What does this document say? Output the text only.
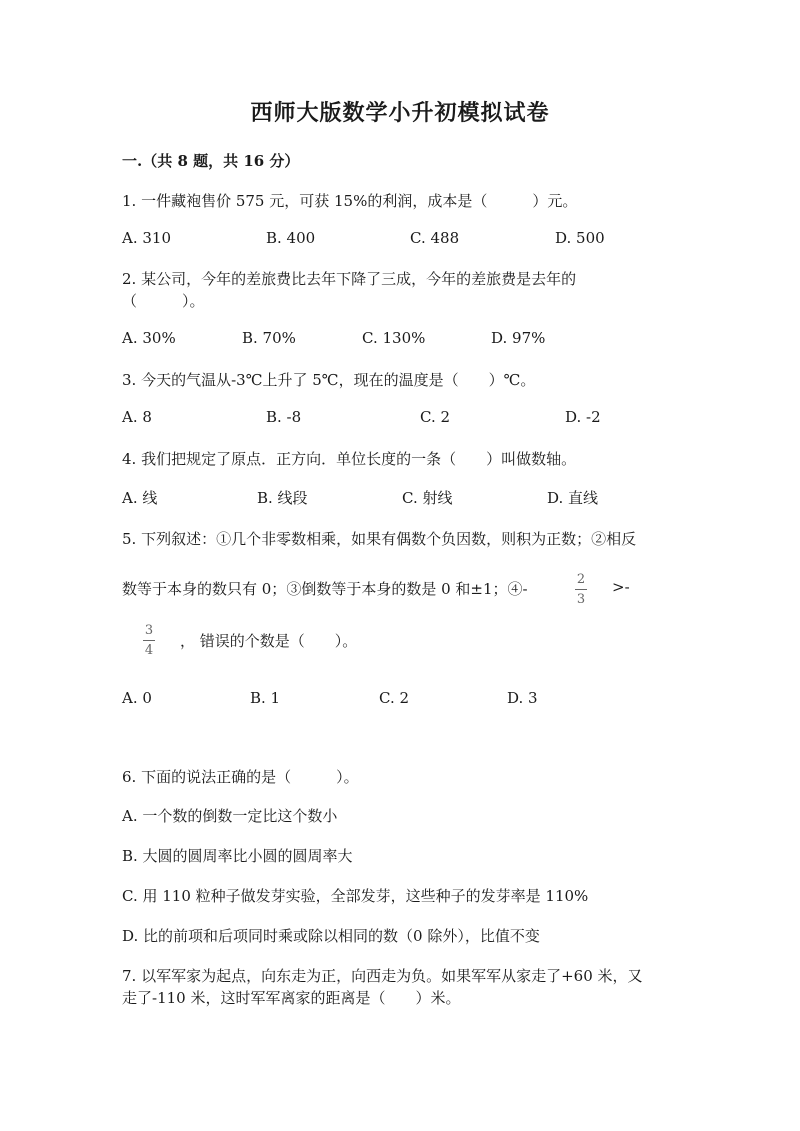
西师大版数学小升初模拟试卷
一.（共 8 题，共 16 分）
1. 一件藏袍售价 575 元，可获 15%的利润，成本是（　　　）元。
A. 310	B. 400	C. 488	D. 500
2. 某公司，今年的差旅费比去年下降了三成，今年的差旅费是去年的
（　　　）。
A. 30%	B. 70%	C. 130%	D. 97%
3. 今天的气温从-3℃上升了 5℃，现在的温度是（　　）℃。
A. 8	B. -8	C. 2	D. -2
4. 我们把规定了原点．正方向．单位长度的一条（　　）叫做数轴。
A. 线	B. 线段	C. 射线	D. 直线
5. 下列叙述：①几个非零数相乘，如果有偶数个负因数，则积为正数；②相反
数等于本身的数只有 0；③倒数等于本身的数是 0 和±1；④-
2
3
>-
3
4
， 错误的个数是（　　）。
A. 0	B. 1	C. 2	D. 3
6. 下面的说法正确的是（　　　）。
A. 一个数的倒数一定比这个数小
B. 大圆的圆周率比小圆的圆周率大
C. 用 110 粒种子做发芽实验，全部发芽，这些种子的发芽率是 110%
D. 比的前项和后项同时乘或除以相同的数（0 除外），比值不变
7. 以军军家为起点，向东走为正，向西走为负。如果军军从家走了+60 米，又
走了-110 米，这时军军离家的距离是（　　）米。
